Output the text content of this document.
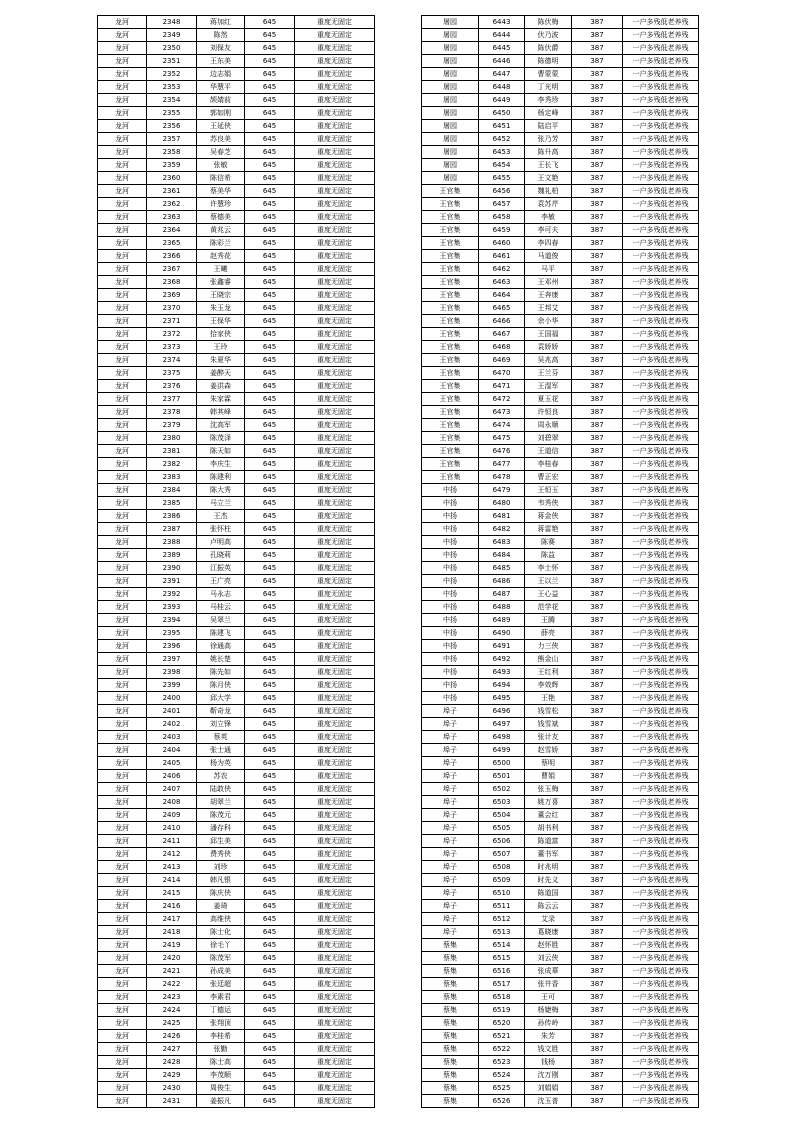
龙河	2348	蒋加红	645	重度无固定
龙河	2349	陈然	645	重度无固定
龙河	2350	刘保友	645	重度无固定
龙河	2351	王东美	645	重度无固定
龙河	2352	边志娟	645	重度无固定
龙河	2353	华慧平	645	重度无固定
龙河	2354	颉婧前	645	重度无固定
龙河	2355	郭如刚	645	重度无固定
龙河	2356	王延侠	645	重度无固定
龙河	2357	苏良美	645	重度无固定
龙河	2358	吴春芝	645	重度无固定
龙河	2359	张敏	645	重度无固定
龙河	2360	陈信希	645	重度无固定
龙河	2361	蔡美华	645	重度无固定
龙河	2362	许慧珍	645	重度无固定
龙河	2363	蔡德美	645	重度无固定
龙河	2364	黄兆云	645	重度无固定
龙河	2365	陈彩兰	645	重度无固定
龙河	2366	赵秀花	645	重度无固定
龙河	2367	王曦	645	重度无固定
龙河	2368	张鑫睿	645	重度无固定
龙河	2369	王晓宗	645	重度无固定
龙河	2370	朱玉龙	645	重度无固定
龙河	2371	王保华	645	重度无固定
龙河	2372	拾家侠	645	重度无固定
龙河	2373	王玲	645	重度无固定
龙河	2374	朱夏华	645	重度无固定
龙河	2375	姜醉天	645	重度无固定
龙河	2376	姜洪森	645	重度无固定
龙河	2377	朱家霖	645	重度无固定
龙河	2378	韩其峰	645	重度无固定
龙河	2379	沈高军	645	重度无固定
龙河	2380	陈茂泽	645	重度无固定
龙河	2381	陈天如	645	重度无固定
龙河	2382	李庆生	645	重度无固定
龙河	2383	陈建利	645	重度无固定
龙河	2384	陈大秀	645	重度无固定
龙河	2385	马立兰	645	重度无固定
龙河	2386	王杰	645	重度无固定
龙河	2387	张怀柱	645	重度无固定
龙河	2388	卢明高	645	重度无固定
龙河	2389	孔晓莉	645	重度无固定
龙河	2390	江振英	645	重度无固定
龙河	2391	王广亮	645	重度无固定
龙河	2392	马永志	645	重度无固定
龙河	2393	马桂云	645	重度无固定
龙河	2394	吴翠兰	645	重度无固定
龙河	2395	陈建飞	645	重度无固定
龙河	2396	徐通高	645	重度无固定
龙河	2397	姚长楚	645	重度无固定
龙河	2398	陈先如	645	重度无固定
龙河	2399	陈月侠	645	重度无固定
龙河	2400	邱大学	645	重度无固定
龙河	2401	靳奇龙	645	重度无固定
龙河	2402	刘立锋	645	重度无固定
龙河	2403	蔡英	645	重度无固定
龙河	2404	张士通	645	重度无固定
龙河	2405	杨为英	645	重度无固定
龙河	2406	苏农	645	重度无固定
龙河	2407	陆敢侠	645	重度无固定
龙河	2408	胡翠兰	645	重度无固定
龙河	2409	陈茂元	645	重度无固定
龙河	2410	潘存科	645	重度无固定
龙河	2411	邱生美	645	重度无固定
龙河	2412	费秀侠	645	重度无固定
龙河	2413	刘珍	645	重度无固定
龙河	2414	韩凡银	645	重度无固定
龙河	2415	陈庆侠	645	重度无固定
龙河	2416	姜琦	645	重度无固定
龙河	2417	高维侠	645	重度无固定
龙河	2418	陈士化	645	重度无固定
龙河	2419	徐毛丫	645	重度无固定
龙河	2420	陈茂军	645	重度无固定
龙河	2421	孙成美	645	重度无固定
龙河	2422	张廷超	645	重度无固定
龙河	2423	李素君	645	重度无固定
龙河	2424	丁德运	645	重度无固定
龙河	2425	张翔顶	645	重度无固定
龙河	2426	李桂希	645	重度无固定
龙河	2427	张勤	645	重度无固定
龙河	2428	陈士高	645	重度无固定
龙河	2429	李茂顺	645	重度无固定
龙河	2430	周俊生	645	重度无固定
龙河	2431	姜振凡	645	重度无固定
屠园	6443	陈伏梅	387	一户多残低老养残
屠园	6444	伏乃波	387	一户多残低老养残
屠园	6445	陈伏爵	387	一户多残低老养残
屠园	6446	陈德明	387	一户多残低老养残
屠园	6447	曹蒙蒙	387	一户多残低老养残
屠园	6448	丁光明	387	一户多残低老养残
屠园	6449	李秀珍	387	一户多残低老养残
屠园	6450	杨定峰	387	一户多残低老养残
屠园	6451	陆启平	387	一户多残低老养残
屠园	6452	张乃芳	387	一户多残低老养残
屠园	6453	陈升高	387	一户多残低老养残
屠园	6454	王长飞	387	一户多残低老养残
屠园	6455	王文艳	387	一户多残低老养残
王官集	6456	魏礼柏	387	一户多残低老养残
王官集	6457	袁苏芹	387	一户多残低老养残
王官集	6458	李敏	387	一户多残低老养残
王官集	6459	李可夫	387	一户多残低老养残
王官集	6460	李四春	387	一户多残低老养残
王官集	6461	马道俊	387	一户多残低老养残
王官集	6462	马平	387	一户多残低老养残
王官集	6463	王邓州	387	一户多残低老养残
王官集	6464	王奔康	387	一户多残低老养残
王官集	6465	王邦艾	387	一户多残低老养残
王官集	6466	余小华	387	一户多残低老养残
王官集	6467	王国福	387	一户多残低老养残
王官集	6468	袁娇娇	387	一户多残低老养残
王官集	6469	吴兆高	387	一户多残低老养残
王官集	6470	王兰芬	387	一户多残低老养残
王官集	6471	王湿军	387	一户多残低老养残
王官集	6472	夏玉花	387	一户多残低老养残
王官集	6473	许恒良	387	一户多残低老养残
王官集	6474	周永顺	387	一户多残低老养残
王官集	6475	刘碧翠	387	一户多残低老养残
王官集	6476	王道信	387	一户多残低老养残
王官集	6477	李桂春	387	一户多残低老养残
王官集	6478	曹正宏	387	一户多残低老养残
中扬	6479	王恒玉	387	一户多残低老养残
中扬	6480	韦秀侠	387	一户多残低老养残
中扬	6481	蒋金侠	387	一户多残低老养残
中扬	6482	蒋雷艳	387	一户多残低老养残
中扬	6483	陈赛	387	一户多残低老养残
中扬	6484	陈益	387	一户多残低老养残
中扬	6485	李士怀	387	一户多残低老养残
中扬	6486	王以兰	387	一户多残低老养残
中扬	6487	王心益	387	一户多残低老养残
中扬	6488	范学花	387	一户多残低老养残
中扬	6489	王腾	387	一户多残低老养残
中扬	6490	薛亮	387	一户多残低老养残
中扬	6491	力三侠	387	一户多残低老养残
中扬	6492	熊金山	387	一户多残低老养残
中扬	6493	王红利	387	一户多残低老养残
中扬	6494	李效辉	387	一户多残低老养残
中扬	6495	王艳	387	一户多残低老养残
埠子	6496	钱雪松	387	一户多残低老养残
埠子	6497	钱雪斌	387	一户多残低老养残
埠子	6498	张计友	387	一户多残低老养残
埠子	6499	赵雪娇	387	一户多残低老养残
埠子	6500	蔡明	387	一户多残低老养残
埠子	6501	曹娟	387	一户多残低老养残
埠子	6502	张玉梅	387	一户多残低老养残
埠子	6503	姚万喜	387	一户多残低老养残
埠子	6504	董会红	387	一户多残低老养残
埠子	6505	胡书利	387	一户多残低老养残
埠子	6506	陈道富	387	一户多残低老养残
埠子	6507	董书军	387	一户多残低老养残
埠子	6508	时兆明	387	一户多残低老养残
埠子	6509	时先义	387	一户多残低老养残
埠子	6510	陈道国	387	一户多残低老养残
埠子	6511	陈云云	387	一户多残低老养残
埠子	6512	艾录	387	一户多残低老养残
埠子	6513	葛晓康	387	一户多残低老养残
蔡集	6514	赵怀胜	387	一户多残低老养残
蔡集	6515	刘云侠	387	一户多残低老养残
蔡集	6516	张成華	387	一户多残低老养残
蔡集	6517	张井香	387	一户多残低老养残
蔡集	6518	王可	387	一户多残低老养残
蔡集	6519	杨婕梅	387	一户多残低老养残
蔡集	6520	孙传岭	387	一户多残低老养残
蔡集	6521	朱芳	387	一户多残低老养残
蔡集	6522	钱文胜	387	一户多残低老养残
蔡集	6523	钱杨	387	一户多残低老养残
蔡集	6524	沈万刚	387	一户多残低老养残
蔡集	6525	刘娟娟	387	一户多残低老养残
蔡集	6526	沈玉普	387	一户多残低老养残
